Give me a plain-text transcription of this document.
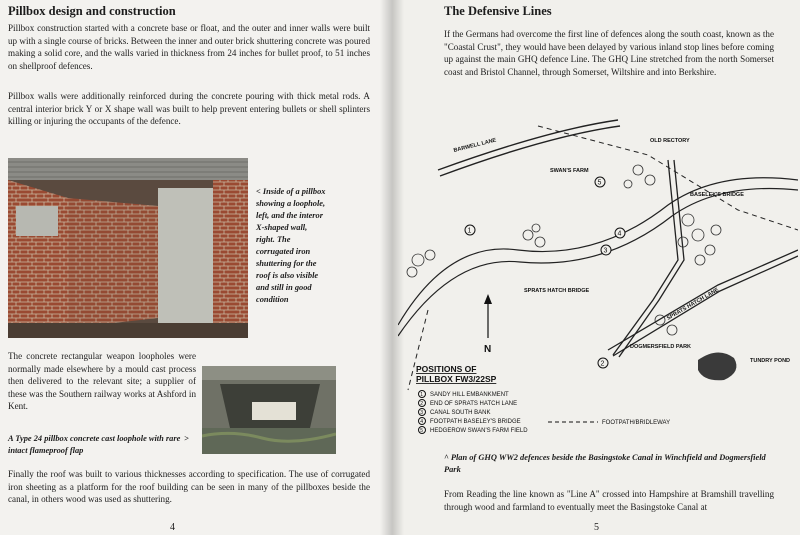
Pillbox design and construction

Pillbox construction started with a concrete base or float, and the outer and inner walls were built up with a single course of bricks. Between the inner and outer brick shuttering concrete was poured making a solid core, and the walls varied in thickness from 24 inches for bullet proof, to 51 inches on shellproof defences.

Pillbox walls were additionally reinforced during the concrete pouring with thick metal rods. A central interior brick Y or X shape wall was built to help prevent entering bullets or shell splinters killing or injuring the occupants of the defence.

< Inside of a pillbox showing a loophole, left, and the interor X-shaped wall, right. The corrugated iron shuttering for the roof is also visible and still in good condition

The concrete rectangular weapon loopholes were normally made elsewhere by a mould cast process then delivered to the relevant site; a supplier of these was the Southern railway works at Ashford in Kent.

A Type 24 pillbox concrete cast loophole with rare intact flameproof flap

>

Finally the roof was built to various thicknesses according to specification. The use of corrugated iron sheeting as a platform for the roof building can be seen in many of the pillboxes beside the canal, in others wood was used as shuttering.

4
The Defensive Lines

If the Germans had overcome the first line of defences along the south coast, known as the "Coastal Crust", they would have been delayed by various inland stop lines before coming up against the main GHQ defence Line. The GHQ Line stretched from the north Somerset coast and Bristol Channel, through Somerset, Wiltshire and into Berkshire.

1
2
3
4
5
N
BARWELL LANE	OLD RECTORY
SWAN'S FARM
BASELEY'S BRIDGE
SPRATS HATCH BRIDGE	SPRATS HATCH LANE
DOGMERSFIELD PARK
TUNDRY POND
POSITIONS OF
PILLBOX FW3/22SP
1 SANDY HILL EMBANKMENT
2 END OF SPRATS HATCH LANE
3 CANAL SOUTH BANK
4 FOOTPATH BASELEY'S BRIDGE
5 HEDGEROW SWAN'S FARM FIELD
FOOTPATH/BRIDLEWAY

^ Plan of GHQ WW2 defences beside the Basingstoke Canal in Winchfield and Dogmersfield Park

From Reading the line known as "Line A" crossed into Hampshire at Bramshill travelling through wood and farmland to eventually meet the Basingstoke Canal at

5
